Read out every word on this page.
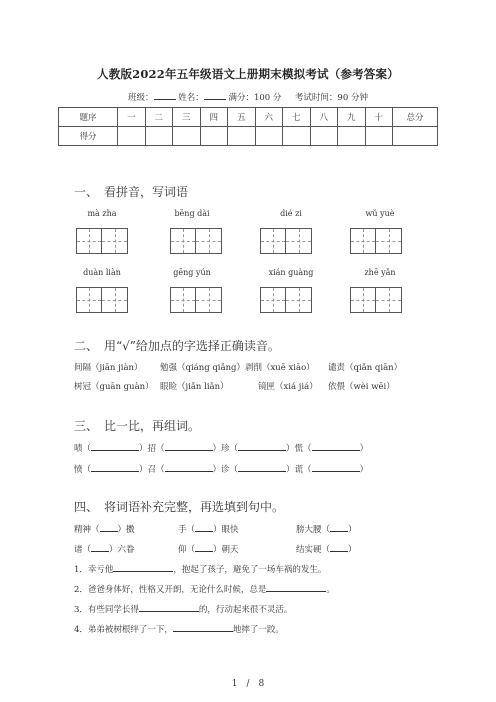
人教版2022年五年级语文上册期末模拟考试（参考答案）
班级：	姓名：	满分：100 分 考试时间：90 分钟
题序	一	二	三	四	五	六	七	八	九	十	总分
得分											
一、　看拼音，写词语
mà zha	bēng dài	dié zi	wǔ yuè
duàn liàn	gēng yún	xián guàng	zhē yǎn
二、　用“√”给加点的字选择正确读音。
间隔（jiān jiàn） 勉强（qiáng qiǎng）剥削（xuē xiāo） 谴责（qiǎn qiān）
树冠（guān guàn） 眼睑（jiǎn liǎn）	镜匣（xiá jiá） 依偎（wèi wēi）
三、　比一比，再组词。
啧（	）招（	）珍（	）慌（	）
愤（	）召（	）诊（	）谎（	）
四、　将词语补充完整，再选填到句中。
精神（ ）擞	手（ ）眼快	膀大腰（ ）
诸（ ）六眷	仰（ ）朝天	结实硬（ ）
1．幸亏他	，抱起了孩子，避免了一场车祸的发生。
2．爸爸身体好，性格又开朗，无论什么时候，总是	。
3．有些同学长得	的，行动起来很不灵活。
4．弟弟被树根绊了一下，	地摔了一跤。
1　/　8
